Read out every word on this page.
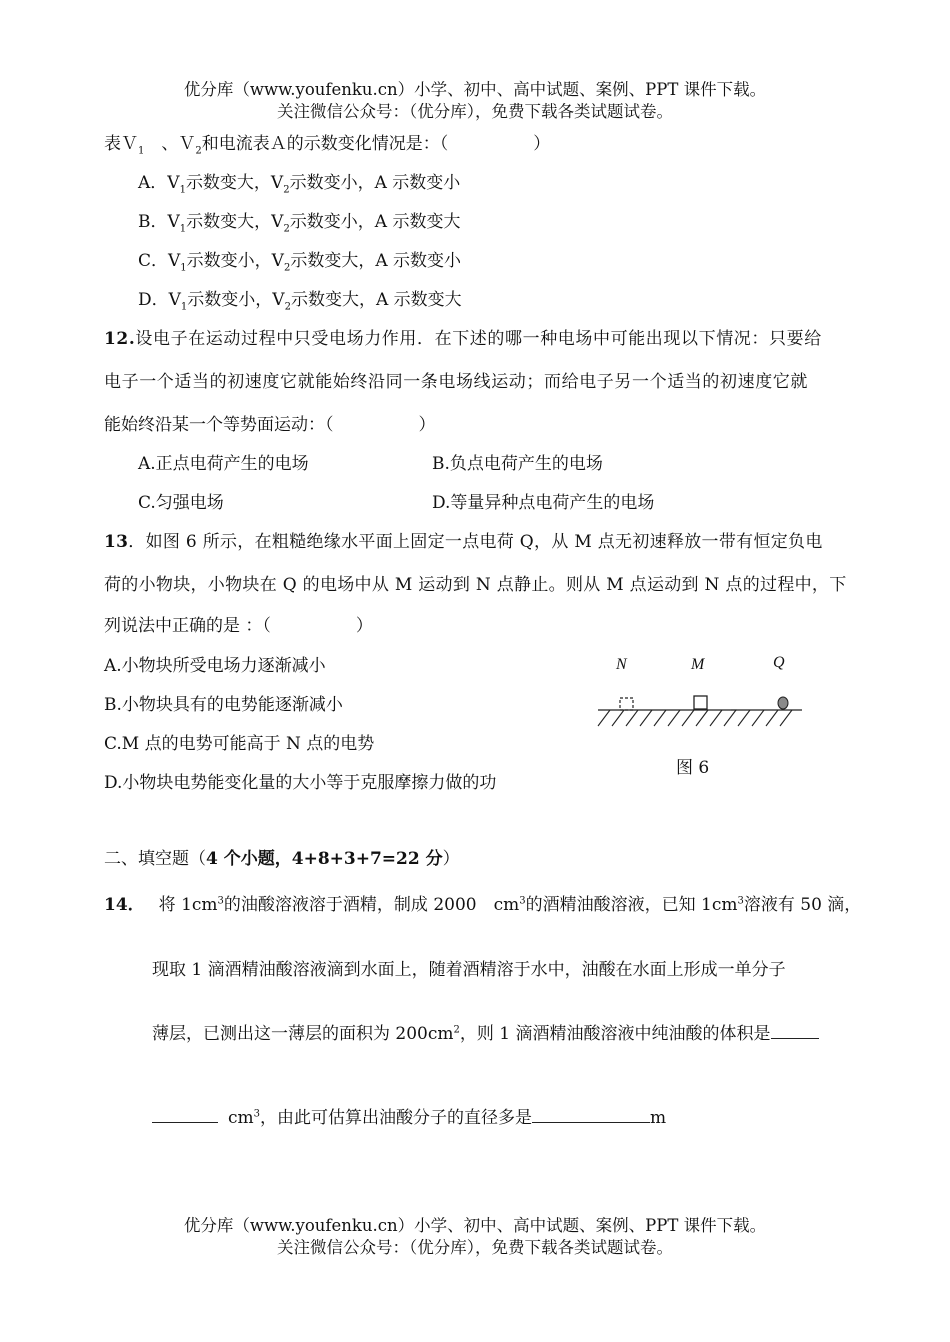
优分库（www.youfenku.cn）小学、初中、高中试题、案例、PPT 课件下载。
关注微信公众号：（优分库），免费下载各类试题试卷。
表Ｖ$_1$　、Ｖ$_2$和电流表Ａ的示数变化情况是：（　　　　　）
A．$V_1$示数变大，$V_2$示数变小，A 示数变小
B．$V_1$示数变大，$V_2$示数变小，A 示数变大
C．$V_1$示数变小，$V_2$示数变大，A 示数变小
D．$V_1$示数变小，$V_2$示数变大，A 示数变大
12.设电子在运动过程中只受电场力作用．在下述的哪一种电场中可能出现以下情况：只要给
电子一个适当的初速度它就能始终沿同一条电场线运动；而给电子另一个适当的初速度它就
能始终沿某一个等势面运动：（　　　　　）
A.正点电荷产生的电场	B.负点电荷产生的电场
C.匀强电场	D.等量异种点电荷产生的电场
13．如图 6 所示，在粗糙绝缘水平面上固定一点电荷 Q，从 M 点无初速释放一带有恒定负电
荷的小物块，小物块在 Q 的电场中从 M 运动到 N 点静止。则从 M 点运动到 N 点的过程中，下
列说法中正确的是 ：（　　　　　）
A.小物块所受电场力逐渐减小
B.小物块具有的电势能逐渐减小
C.M 点的电势可能高于 N 点的电势
D.小物块电势能变化量的大小等于克服摩擦力做的功
N	M	Q
图 6
二、填空题（4 个小题，4+8+3+7=22 分）
14． 将 $1cm^3$的油酸溶液溶于酒精，制成 2000　$cm^3$的酒精油酸溶液，已知 $1cm^3$溶液有 50 滴，
现取 1 滴酒精油酸溶液滴到水面上，随着酒精溶于水中，油酸在水面上形成一单分子
薄层，已测出这一薄层的面积为 $200cm^2$，则 1 滴酒精油酸溶液中纯油酸的体积是
$cm^3$，由此可估算出油酸分子的直径多是	m
优分库（www.youfenku.cn）小学、初中、高中试题、案例、PPT 课件下载。
关注微信公众号：（优分库），免费下载各类试题试卷。
